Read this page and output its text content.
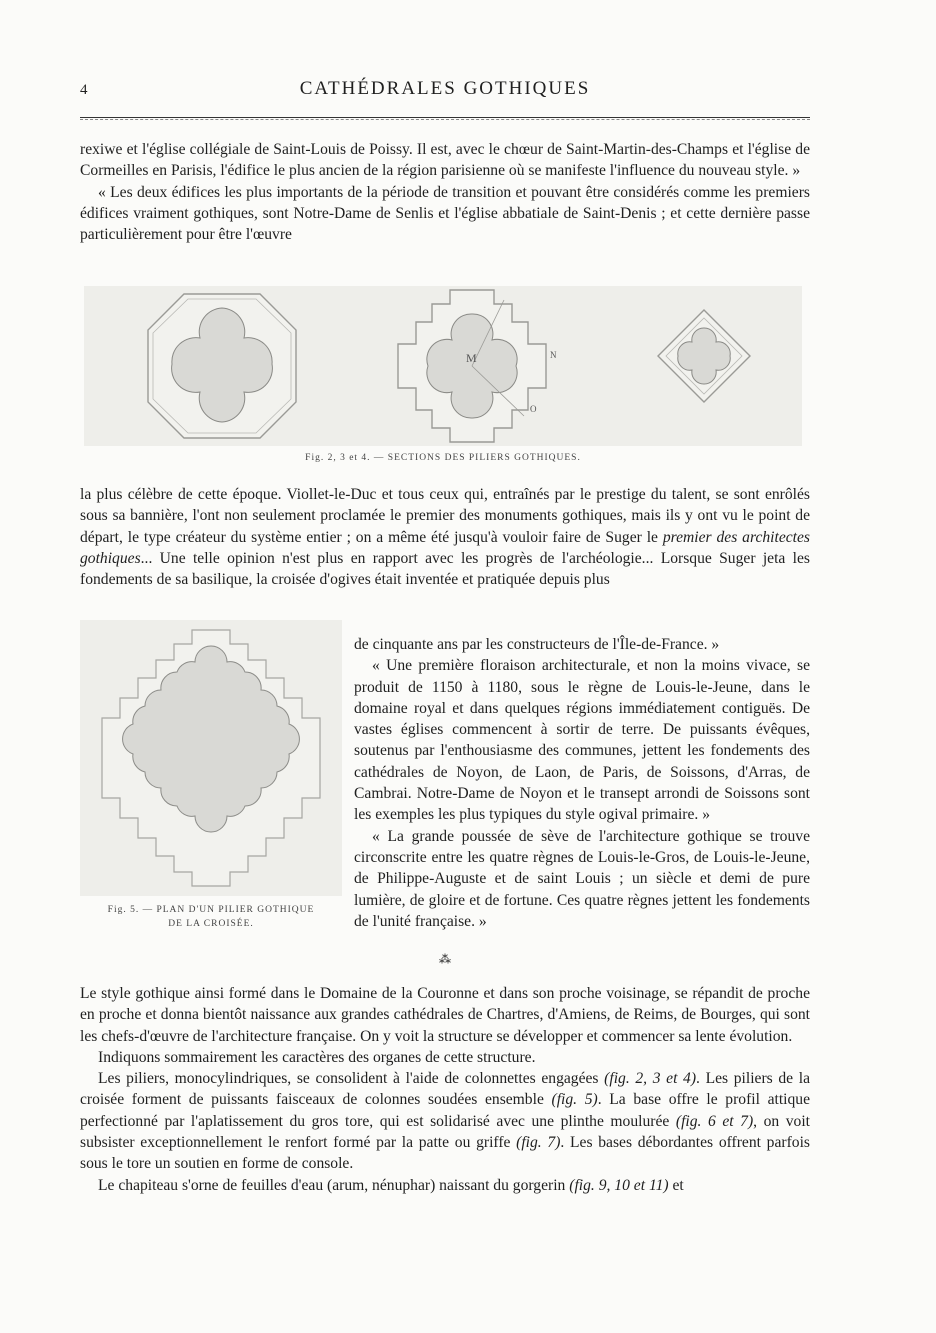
4	CATHÉDRALES GOTHIQUES

rexiwe et l'église collégiale de Saint-Louis de Poissy. Il est, avec le chœur de Saint-Martin-des-Champs et l'église de Cormeilles en Parisis, l'édifice le plus ancien de la région parisienne où se manifeste l'influence du nouveau style. »

« Les deux édifices les plus importants de la période de transition et pouvant être considérés comme les premiers édifices vraiment gothiques, sont Notre-Dame de Senlis et l'église abbatiale de Saint-Denis ; et cette dernière passe particulièrement pour être l'œuvre

M	N
O
Fig. 2, 3 et 4. — SECTIONS DES PILIERS GOTHIQUES.

la plus célèbre de cette époque. Viollet-le-Duc et tous ceux qui, entraînés par le prestige du talent, se sont enrôlés sous sa bannière, l'ont non seulement proclamée le premier des monuments gothiques, mais ils y ont vu le point de départ, le type créateur du système entier ; on a même été jusqu'à vouloir faire de Suger le premier des architectes gothiques... Une telle opinion n'est plus en rapport avec les progrès de l'archéologie... Lorsque Suger jeta les fondements de sa basilique, la croisée d'ogives était inventée et pratiquée depuis plus

Fig. 5. — PLAN D'UN PILIER GOTHIQUE
DE LA CROISÉE.

de cinquante ans par les constructeurs de l'Île-de-France. »

« Une première floraison architecturale, et non la moins vivace, se produit de 1150 à 1180, sous le règne de Louis-le-Jeune, dans le domaine royal et dans quelques régions immédiatement contiguës. De vastes églises commencent à sortir de terre. De puissants évêques, soutenus par l'enthousiasme des communes, jettent les fondements des cathédrales de Noyon, de Laon, de Paris, de Soissons, d'Arras, de Cambrai. Notre-Dame de Noyon et le transept arrondi de Soissons sont les exemples les plus typiques du style ogival primaire. »

« La grande poussée de sève de l'architecture gothique se trouve circonscrite entre les quatre règnes de Louis-le-Gros, de Louis-le-Jeune, de Philippe-Auguste et de saint Louis ; un siècle et demi de pure lumière, de gloire et de fortune. Ces quatre règnes jettent les fondements de l'unité française. »

⁂

Le style gothique ainsi formé dans le Domaine de la Couronne et dans son proche voisinage, se répandit de proche en proche et donna bientôt naissance aux grandes cathédrales de Chartres, d'Amiens, de Reims, de Bourges, qui sont les chefs-d'œuvre de l'architecture française. On y voit la structure se développer et commencer sa lente évolution.

Indiquons sommairement les caractères des organes de cette structure.

Les piliers, monocylindriques, se consolident à l'aide de colonnettes engagées (fig. 2, 3 et 4). Les piliers de la croisée forment de puissants faisceaux de colonnes soudées ensemble (fig. 5). La base offre le profil attique perfectionné par l'aplatissement du gros tore, qui est solidarisé avec une plinthe moulurée (fig. 6 et 7), on voit subsister exceptionnellement le renfort formé par la patte ou griffe (fig. 7). Les bases débordantes offrent parfois sous le tore un soutien en forme de console.

Le chapiteau s'orne de feuilles d'eau (arum, nénuphar) naissant du gorgerin (fig. 9, 10 et 11) et
